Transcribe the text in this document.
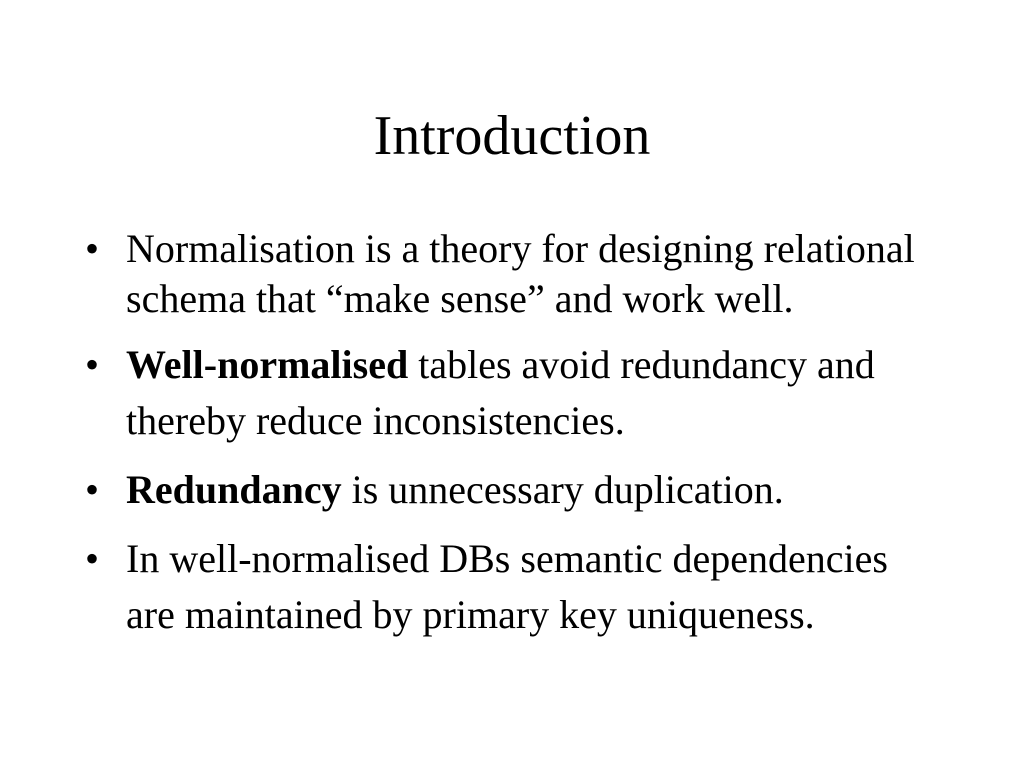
Introduction
• Normalisation is a theory for designing relational schema that “make sense” and work well.
• Well-normalised tables avoid redundancy and thereby reduce inconsistencies.
• Redundancy is unnecessary duplication.
• In well-normalised DBs semantic dependencies are maintained by primary key uniqueness.
